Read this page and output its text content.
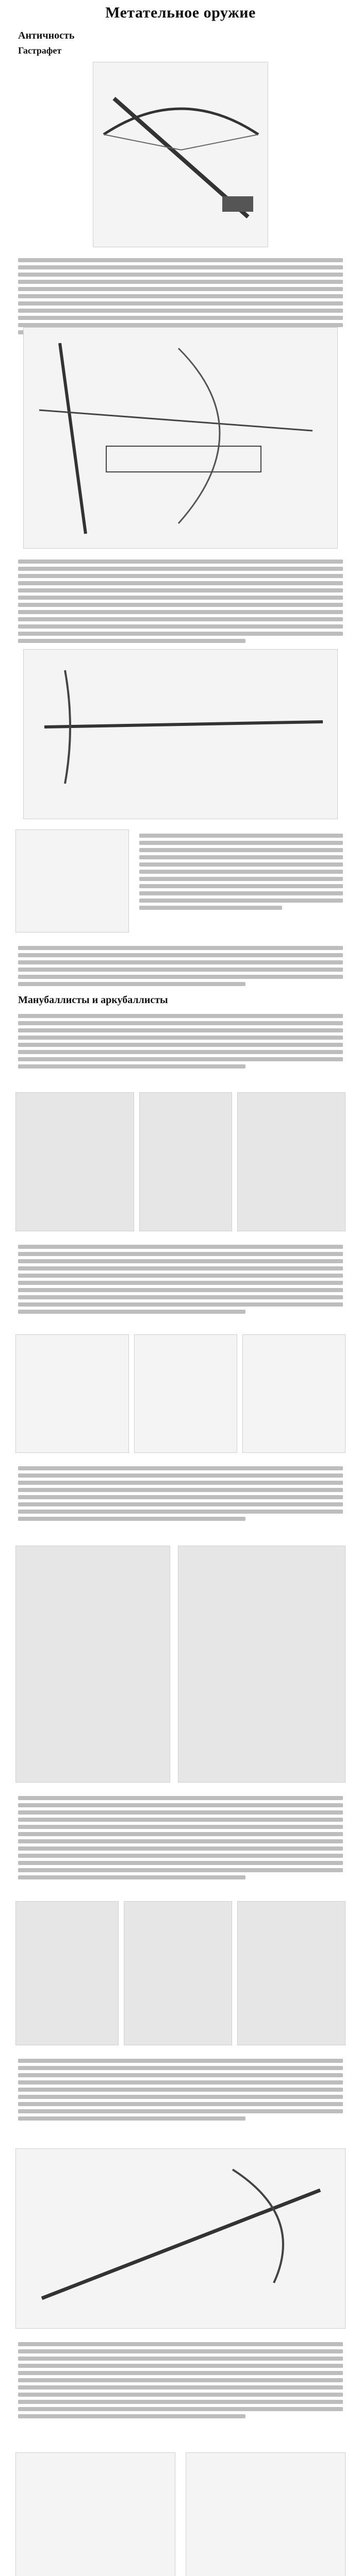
Метательное оружие
Античность
Гастрафет
Манубаллисты и аркубаллисты
